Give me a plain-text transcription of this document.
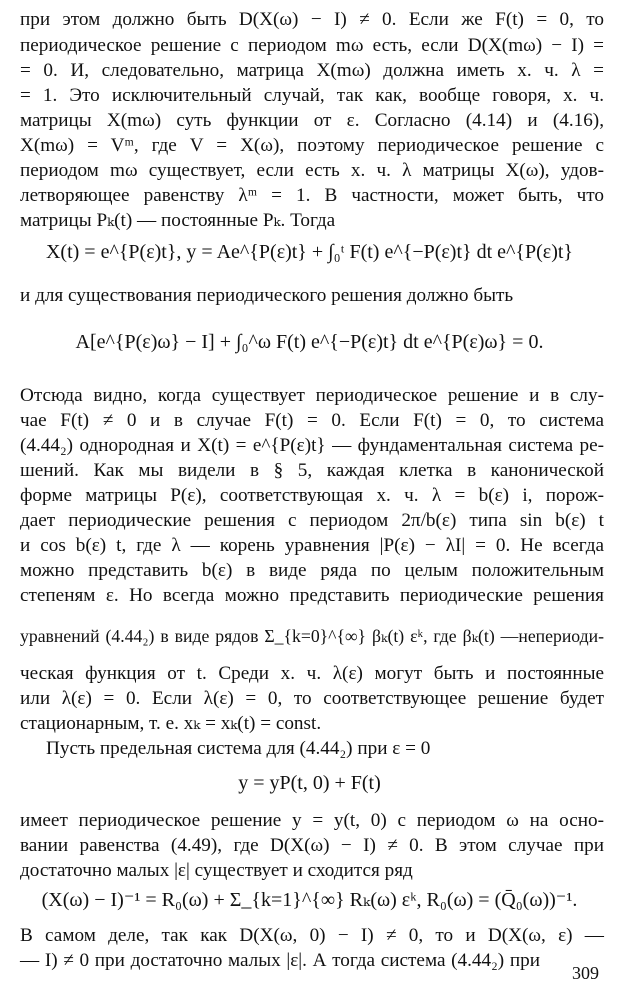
при этом должно быть D(X(ω) − I) ≠ 0. Если же F(t) = 0, то
периодическое решение с периодом mω есть, если D(X(mω) − I) =
= 0. И, следовательно, матрица X(mω) должна иметь х. ч. λ =
= 1. Это исключительный случай, так как, вообще говоря, х. ч.
матрицы X(mω) суть функции от ε. Согласно (4.14) и (4.16),
X(mω) = Vᵐ, где V = X(ω), поэтому периодическое решение с
периодом mω существует, если есть х. ч. λ матрицы X(ω), удов-
летворяющее равенству λᵐ = 1. В частности, может быть, что
матрицы Pₖ(t) — постоянные Pₖ. Тогда
X(t) = e^{P(ε)t}, y = Ae^{P(ε)t} + ∫₀ᵗ F(t) e^{−P(ε)t} dt e^{P(ε)t}
и для существования периодического решения должно быть
A[e^{P(ε)ω} − I] + ∫₀^ω F(t) e^{−P(ε)t} dt e^{P(ε)ω} = 0.
Отсюда видно, когда существует периодическое решение и в слу-
чае F(t) ≠ 0 и в случае F(t) = 0. Если F(t) = 0, то система
(4.44₂) однородная и X(t) = e^{P(ε)t} — фундаментальная система ре-
шений. Как мы видели в § 5, каждая клетка в канонической
форме матрицы P(ε), соответствующая х. ч. λ = b(ε) i, порож-
дает периодические решения с периодом 2π/b(ε) типа sin b(ε) t
и cos b(ε) t, где λ — корень уравнения |P(ε) − λI| = 0. Не всегда
можно представить b(ε) в виде ряда по целым положительным
степеням ε. Но всегда можно представить периодические решения
уравнений (4.44₂) в виде рядов Σ_{k=0}^{∞} βₖ(t) εᵏ, где βₖ(t) —непериоди-
ческая функция от t. Среди х. ч. λ(ε) могут быть и постоянные
или λ(ε) = 0. Если λ(ε) = 0, то соответствующее решение будет
стационарным, т. е. xₖ = xₖ(t) = const.
Пусть предельная система для (4.44₂) при ε = 0
y = yP(t, 0) + F(t)
имеет периодическое решение y = y(t, 0) с периодом ω на осно-
вании равенства (4.49), где D(X(ω) − I) ≠ 0. В этом случае при
достаточно малых |ε| существует и сходится ряд
(X(ω) − I)⁻¹ = R₀(ω) + Σ_{k=1}^{∞} Rₖ(ω) εᵏ, R₀(ω) = (Q̄₀(ω))⁻¹.
В самом деле, так как D(X(ω, 0) − I) ≠ 0, то и D(X(ω, ε) —
— I) ≠ 0 при достаточно малых |ε|. А тогда система (4.44₂) при
309
